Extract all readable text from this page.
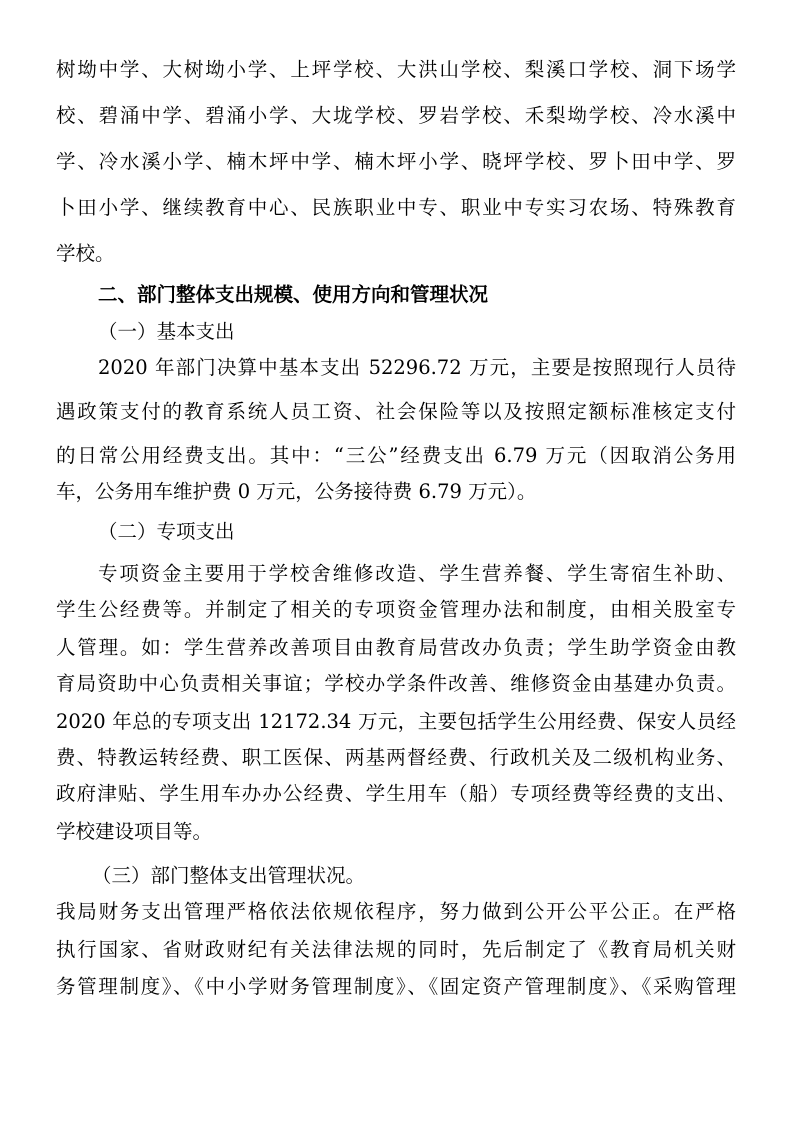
树坳中学、大树坳小学、上坪学校、大洪山学校、梨溪口学校、洞下场学
校、碧涌中学、碧涌小学、大垅学校、罗岩学校、禾梨坳学校、冷水溪中
学、冷水溪小学、楠木坪中学、楠木坪小学、晓坪学校、罗卜田中学、罗
卜田小学、继续教育中心、民族职业中专、职业中专实习农场、特殊教育
学校。
二、部门整体支出规模、使用方向和管理状况
（一）基本支出
2020 年部门决算中基本支出 52296.72 万元，主要是按照现行人员待
遇政策支付的教育系统人员工资、社会保险等以及按照定额标准核定支付
的日常公用经费支出。其中：“三公”经费支出 6.79 万元（因取消公务用
车，公务用车维护费 0 万元，公务接待费 6.79 万元）。
（二）专项支出
专项资金主要用于学校舍维修改造、学生营养餐、学生寄宿生补助、
学生公经费等。并制定了相关的专项资金管理办法和制度，由相关股室专
人管理。如：学生营养改善项目由教育局营改办负责；学生助学资金由教
育局资助中心负责相关事谊；学校办学条件改善、维修资金由基建办负责。
2020 年总的专项支出 12172.34 万元，主要包括学生公用经费、保安人员经
费、特教运转经费、职工医保、两基两督经费、行政机关及二级机构业务、
政府津贴、学生用车办办公经费、学生用车（船）专项经费等经费的支出、
学校建设项目等。
（三）部门整体支出管理状况。
我局财务支出管理严格依法依规依程序，努力做到公开公平公正。在严格
执行国家、省财政财纪有关法律法规的同时，先后制定了《教育局机关财
务管理制度》、《中小学财务管理制度》、《固定资产管理制度》、《采购管理
